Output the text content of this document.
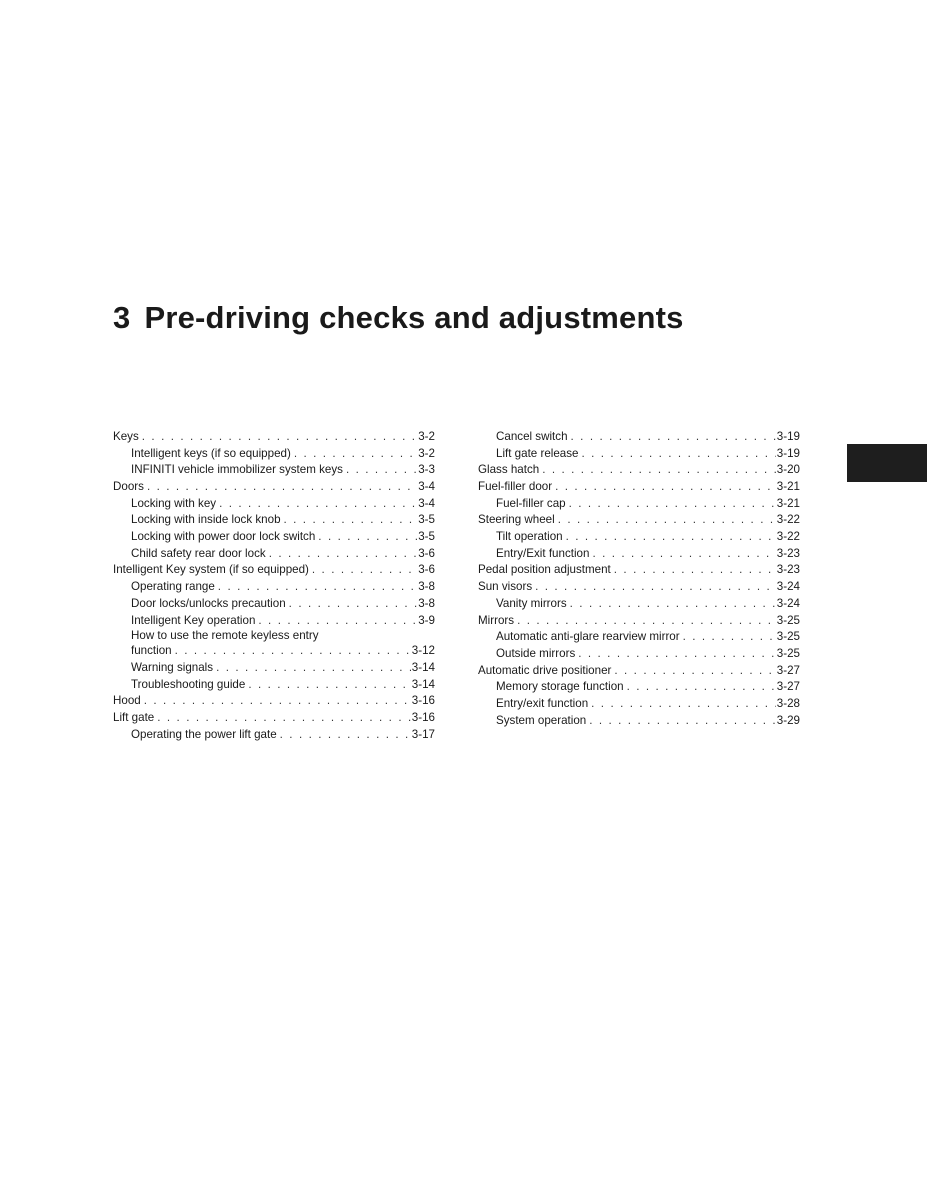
3 Pre-driving checks and adjustments
Keys . . .	3-2
Intelligent keys (if so equipped) . . .	3-2
INFINITI vehicle immobilizer system keys . . .	3-3
Doors . . .	3-4
Locking with key . . .	3-4
Locking with inside lock knob . . .	3-5
Locking with power door lock switch . . .	3-5
Child safety rear door lock . . .	3-6
Intelligent Key system (if so equipped) . . .	3-6
Operating range . . .	3-8
Door locks/unlocks precaution . . .	3-8
Intelligent Key operation . . .	3-9
How to use the remote keyless entry
function . . .	3-12
Warning signals . . .	3-14
Troubleshooting guide . . .	3-14
Hood . . .	3-16
Lift gate . . .	3-16
Operating the power lift gate . . .	3-17
Cancel switch . . .	3-19
Lift gate release . . .	3-19
Glass hatch . . .	3-20
Fuel-filler door . . .	3-21
Fuel-filler cap . . .	3-21
Steering wheel . . .	3-22
Tilt operation . . .	3-22
Entry/Exit function . . .	3-23
Pedal position adjustment . . .	3-23
Sun visors . . .	3-24
Vanity mirrors . . .	3-24
Mirrors . . .	3-25
Automatic anti-glare rearview mirror . . .	3-25
Outside mirrors . . .	3-25
Automatic drive positioner . . .	3-27
Memory storage function . . .	3-27
Entry/exit function . . .	3-28
System operation . . .	3-29
